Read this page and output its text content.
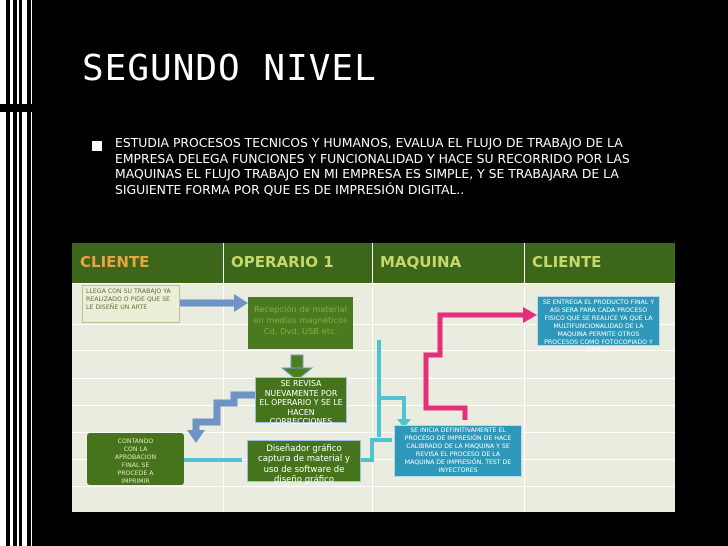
SEGUNDO NIVEL
ESTUDIA PROCESOS TECNICOS Y HUMANOS, EVALUA EL FLUJO DE TRABAJO DE LA EMPRESA DELEGA FUNCIONES Y FUNCIONALIDAD Y HACE SU RECORRIDO POR LAS MAQUINAS EL FLUJO TRABAJO EN MI EMPRESA ES SIMPLE, Y SE TRABAJARA DE LA SIGUIENTE FORMA POR QUE ES DE IMPRESIÓN DIGITAL..
CLIENTE	OPERARIO 1	MAQUINA	CLIENTE
LLEGA CON SU TRABAJO YA REALIZADO O PIDE QUE SE LE DISEÑE UN ARTE	Recepción de material en medios magnéticos Cd, Dvd, USB etc.
SE REVISA NUEVAMENTE POR EL OPERARIO Y SE LE HACEN CORRECCIONES
Diseñador gráfico captura de material y uso de software de diseño gráfico
CONTANDO CON LA APROBACION FINAL SE PROCEDE A IMPRIMIR
SE INICIA DEFINITIVAMENTE EL PROCESO DE IMPRESIÓN DE HACE CALIBRADO DE LA MAQUINA Y SE REVISA EL PROCESO DE LA MAQUINA DE IMPRESIÓN, TEST DE INYECTORES
SE ENTREGA EL PRODUCTO FINAL Y ASI SERA PARA CADA PROCESO FISICO QUE SE REALICE YA QUE LA MULTIFUNCIONALIDAD DE LA MAQUINA PERMITE OTROS PROCESOS COMO FOTOCOPIADO Y DEMAS.
